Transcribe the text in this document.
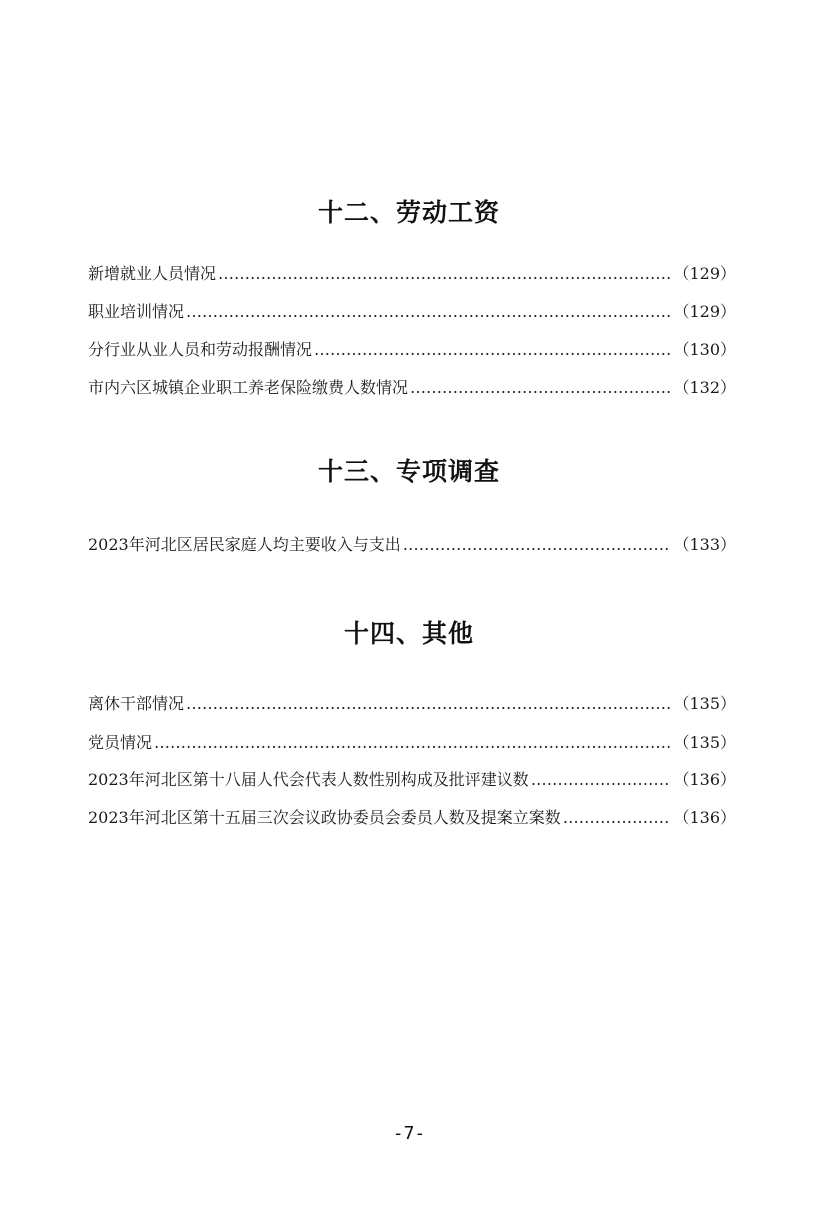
十二、劳动工资
新增就业人员情况 ……………………………………………………………………………………………………………………………………………………………………………………………………………………	（129）
职业培训情况 ……………………………………………………………………………………………………………………………………………………………………………………………………………………	（129）
分行业从业人员和劳动报酬情况 ……………………………………………………………………………………………………………………………………………………………………………………………………………………	（130）
市内六区城镇企业职工养老保险缴费人数情况 ……………………………………………………………………………………………………………………………………………………………………………………………………………………	（132）
十三、专项调查
2023年河北区居民家庭人均主要收入与支出 ……………………………………………………………………………………………………………………………………………………………………………………………………………………	（133）
十四、其他
离休干部情况 ……………………………………………………………………………………………………………………………………………………………………………………………………………………	（135）
党员情况 ……………………………………………………………………………………………………………………………………………………………………………………………………………………	（135）
2023年河北区第十八届人代会代表人数性别构成及批评建议数 ……………………………………………………………………………………………………………………………………………………………………………………………………………………	（136）
2023年河北区第十五届三次会议政协委员会委员人数及提案立案数 ……………………………………………………………………………………………………………………………………………………………………………………………………………………	（136）
-7-
